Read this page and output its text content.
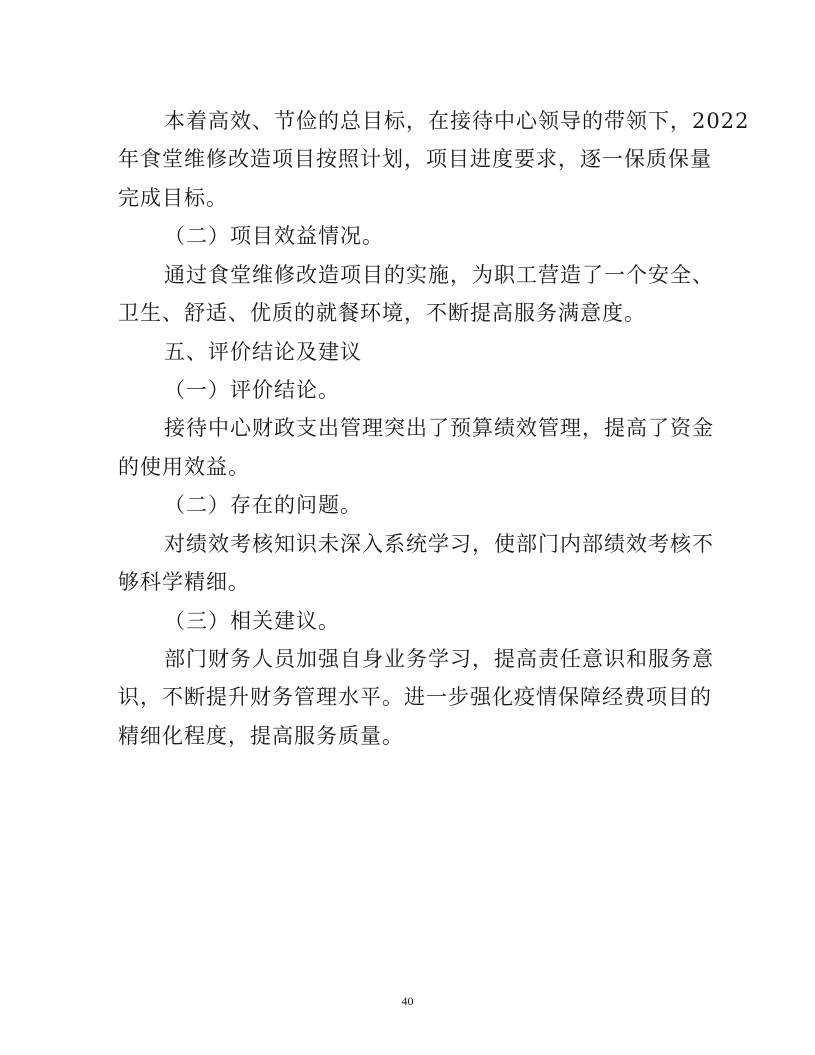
本着高效、节俭的总目标，在接待中心领导的带领下，2022
年食堂维修改造项目按照计划，项目进度要求，逐一保质保量
完成目标。
（二）项目效益情况。
通过食堂维修改造项目的实施，为职工营造了一个安全、
卫生、舒适、优质的就餐环境，不断提高服务满意度。
五、评价结论及建议
（一）评价结论。
接待中心财政支出管理突出了预算绩效管理，提高了资金
的使用效益。
（二）存在的问题。
对绩效考核知识未深入系统学习，使部门内部绩效考核不
够科学精细。
（三）相关建议。
部门财务人员加强自身业务学习，提高责任意识和服务意
识，不断提升财务管理水平。进一步强化疫情保障经费项目的
精细化程度，提高服务质量。
40
